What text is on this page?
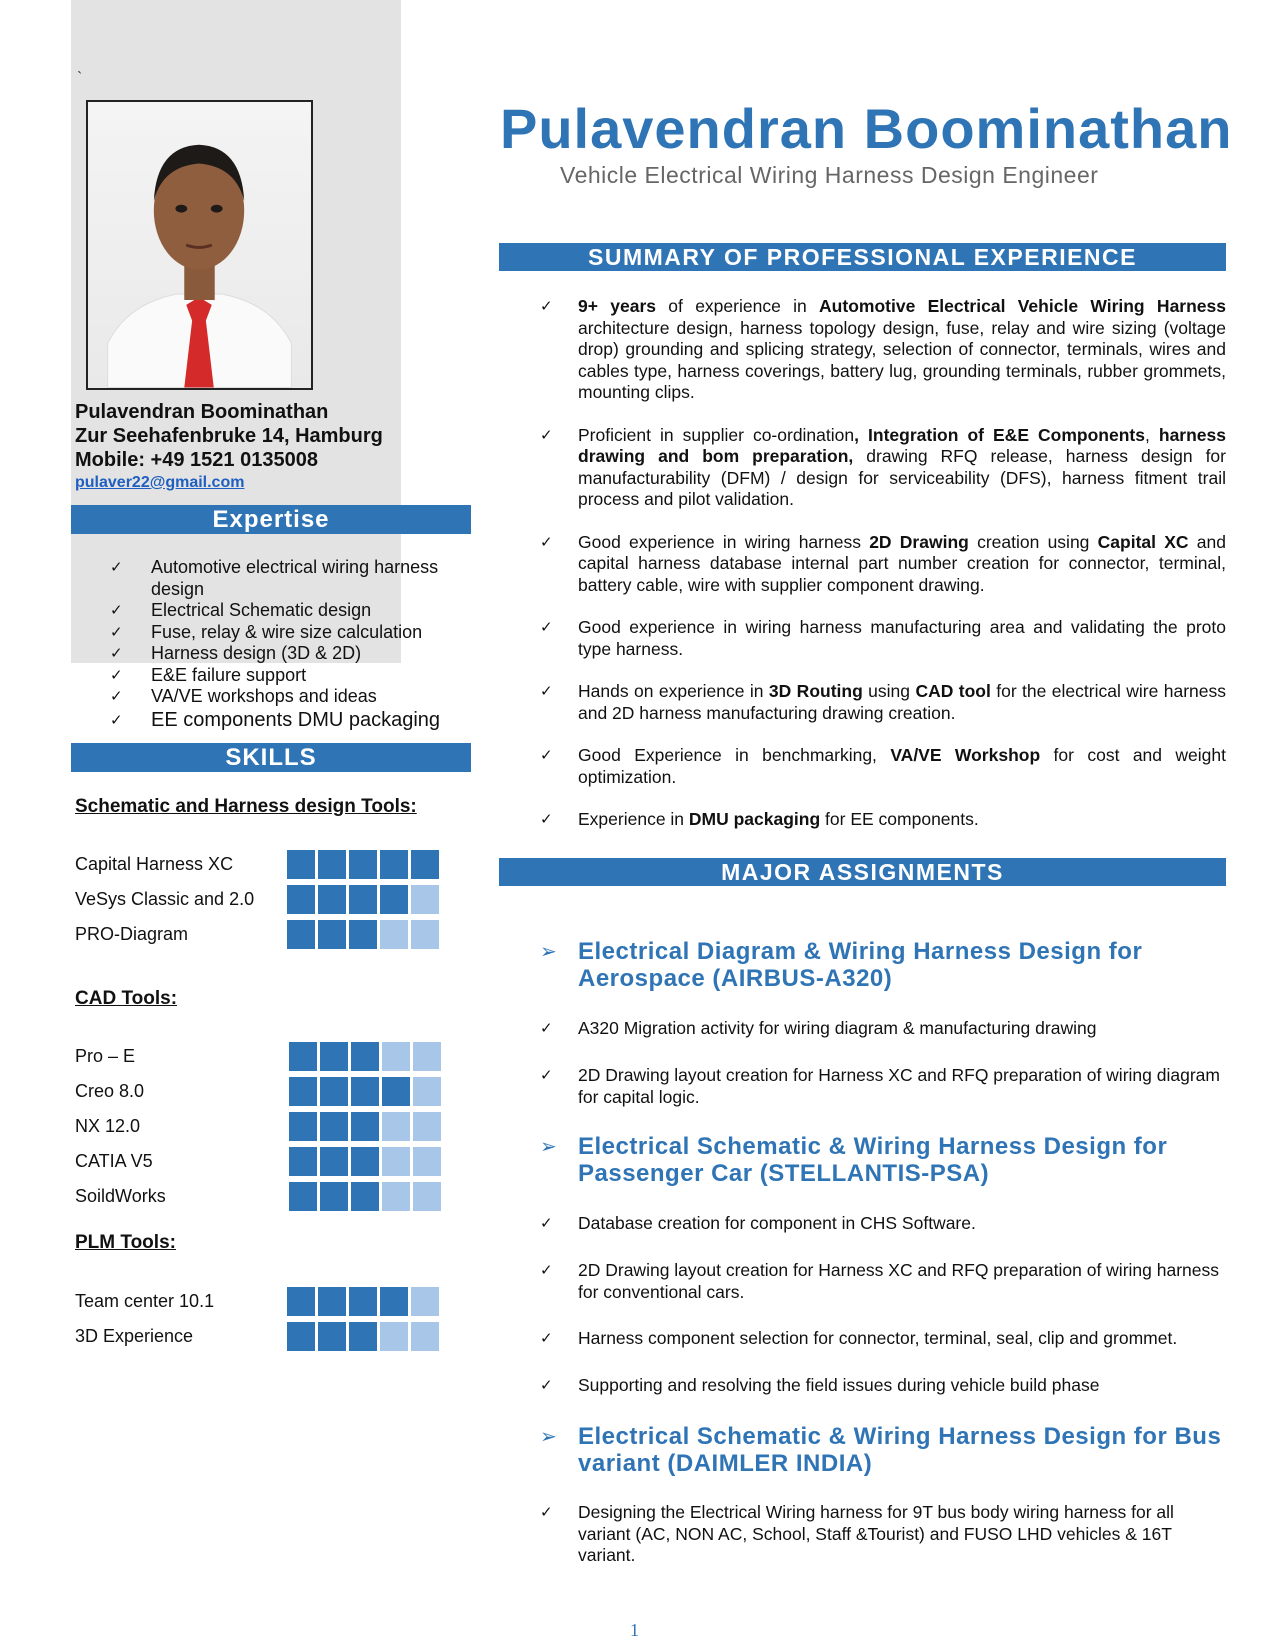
`
Pulavendran Boominathan
Zur Seehafenbruke 14, Hamburg
Mobile: +49 1521 0135008
pulaver22@gmail.com
Expertise
✓ Automotive electrical wiring harness design
✓ Electrical Schematic design
✓ Fuse, relay & wire size calculation
✓ Harness design (3D & 2D)
✓ E&E failure support
✓ VA/VE workshops and ideas
✓ EE components DMU packaging
SKILLS
Schematic and Harness design Tools:
Capital Harness XC
VeSys Classic and 2.0
PRO-Diagram
CAD Tools:
Pro – E
Creo 8.0
NX 12.0
CATIA V5
SoildWorks
PLM Tools:
Team center 10.1
3D Experience
Pulavendran Boominathan
Vehicle Electrical Wiring Harness Design Engineer
SUMMARY OF PROFESSIONAL EXPERIENCE
✓ 9+ years of experience in Automotive Electrical Vehicle Wiring Harness architecture design, harness topology design, fuse, relay and wire sizing (voltage drop) grounding and splicing strategy, selection of connector, terminals, wires and cables type, harness coverings, battery lug, grounding terminals, rubber grommets, mounting clips.
✓ Proficient in supplier co-ordination, Integration of E&E Components, harness drawing and bom preparation, drawing RFQ release, harness design for manufacturability (DFM) / design for serviceability (DFS), harness fitment trail process and pilot validation.
✓ Good experience in wiring harness 2D Drawing creation using Capital XC and capital harness database internal part number creation for connector, terminal, battery cable, wire with supplier component drawing.
✓ Good experience in wiring harness manufacturing area and validating the proto type harness.
✓ Hands on experience in 3D Routing using CAD tool for the electrical wire harness and 2D harness manufacturing drawing creation.
✓ Good Experience in benchmarking, VA/VE Workshop for cost and weight optimization.
✓ Experience in DMU packaging for EE components.
MAJOR ASSIGNMENTS
➢ Electrical Diagram & Wiring Harness Design for Aerospace (AIRBUS-A320)
✓ A320 Migration activity for wiring diagram & manufacturing drawing
✓ 2D Drawing layout creation for Harness XC and RFQ preparation of wiring diagram for capital logic.
➢ Electrical Schematic & Wiring Harness Design for Passenger Car (STELLANTIS-PSA)
✓ Database creation for component in CHS Software.
✓ 2D Drawing layout creation for Harness XC and RFQ preparation of wiring harness for conventional cars.
✓ Harness component selection for connector, terminal, seal, clip and grommet.
✓ Supporting and resolving the field issues during vehicle build phase
➢ Electrical Schematic & Wiring Harness Design for Bus variant (DAIMLER INDIA)
✓ Designing the Electrical Wiring harness for 9T bus body wiring harness for all variant (AC, NON AC, School, Staff &Tourist) and FUSO LHD vehicles & 16T variant.
1
